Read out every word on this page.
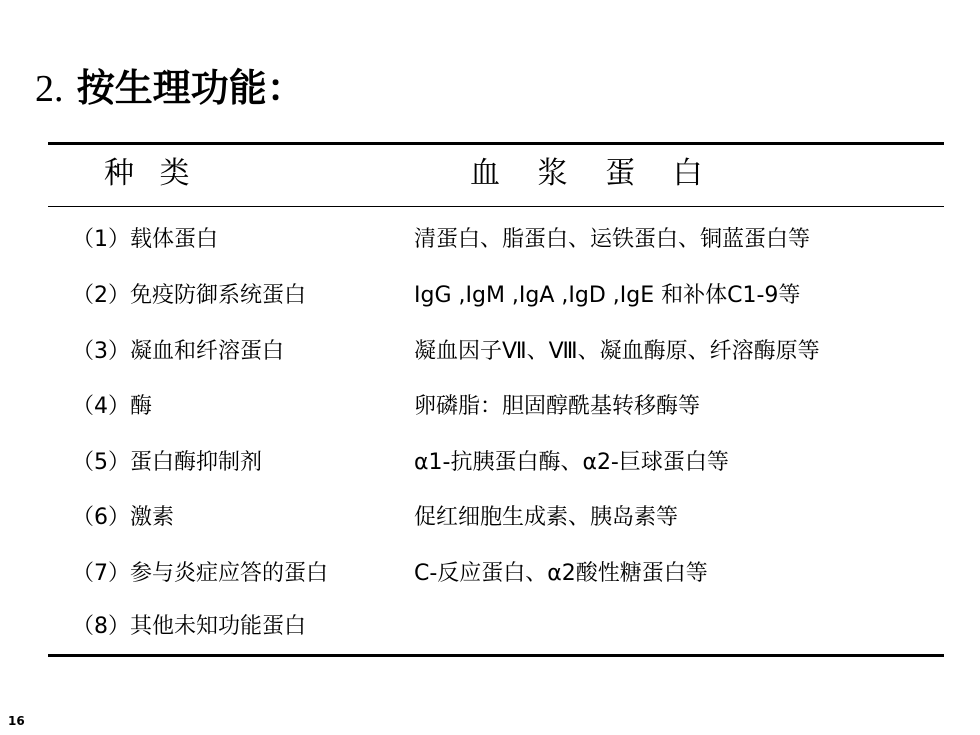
2. 按生理功能：
种 类	血 浆 蛋 白
（1）载体蛋白	清蛋白、脂蛋白、运铁蛋白、铜蓝蛋白等
（2）免疫防御系统蛋白	IgG ,IgM ,IgA ,IgD ,IgE 和补体C1-9等
（3）凝血和纤溶蛋白	凝血因子Ⅶ、Ⅷ、凝血酶原、纤溶酶原等
（4）酶	卵磷脂：胆固醇酰基转移酶等
（5）蛋白酶抑制剂	α1-抗胰蛋白酶、α2-巨球蛋白等
（6）激素	促红细胞生成素、胰岛素等
（7）参与炎症应答的蛋白	C-反应蛋白、α2酸性糖蛋白等
（8）其他未知功能蛋白
16
